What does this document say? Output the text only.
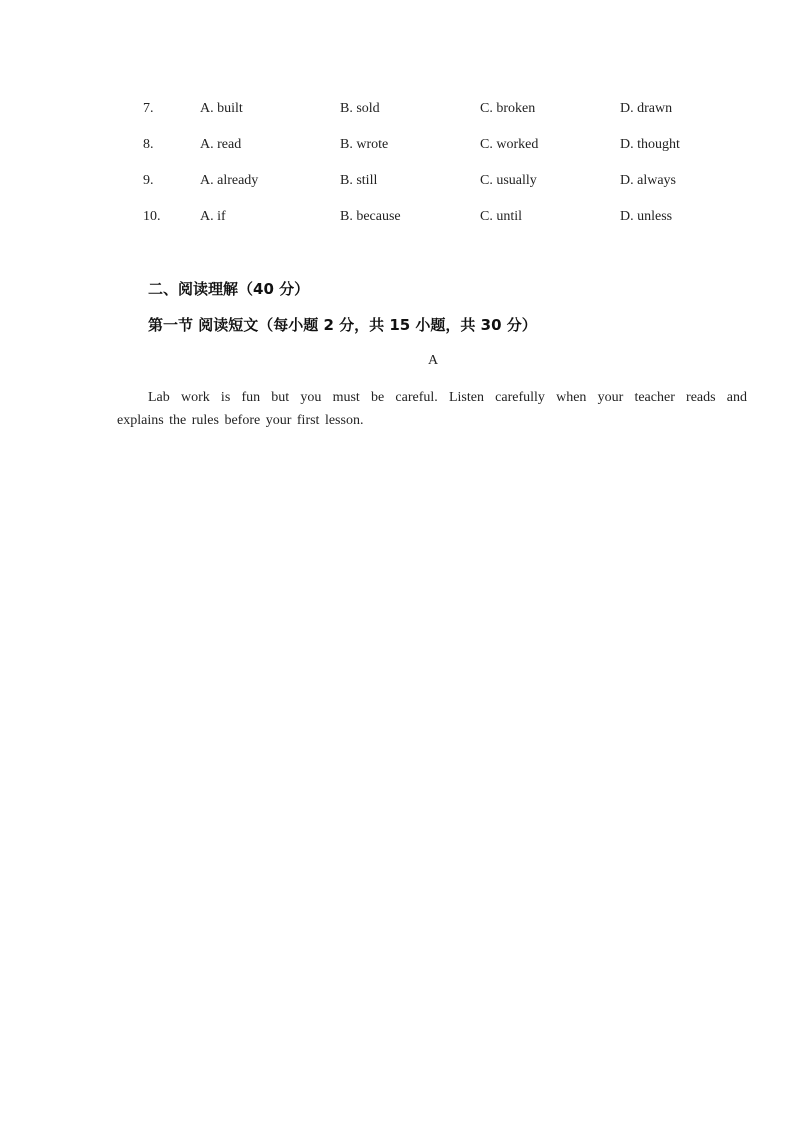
7.	A. built	B. sold	C. broken	D. drawn
8.	A. read	B. wrote	C. worked	D. thought
9.	A. already	B. still	C. usually	D. always
10.	A. if	B. because	C. until	D. unless
二、阅读理解（40 分）
第一节 阅读短文（每小题 2 分，共 15 小题，共 30 分）
A
Lab work is fun but you must be careful. Listen carefully when your teacher reads and
explains the rules before your first lesson.
